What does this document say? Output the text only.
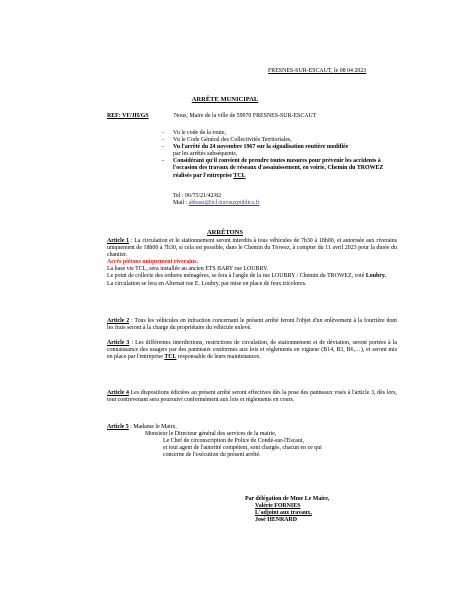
FRESNES-SUR-ESCAUT, le 08 04 2023
ARRÊTE MUNICIPAL
REF: VF/JH/GS	Nous, Maire de la ville de 59970 FRESNES-SUR-ESCAUT
- Vu le code de la route,
- Vu le Code Général des Collectivités Territoriales,
- Vu l'arrêté du 24 novembre 1967 sur la signalisation routière modifiée
par les arrêtés subséquents,
- Considérant qu'il convient de prendre toutes mesures pour prévenir les accidents à l'occasion des travaux de réseaux d'assainissement, en voirie, Chemin du TROWEZ réalisés par l'entreprise TCL
Tel : 06/75/21/42/82
Mail : abbassi@tcl-travauxpublics.fr
ARRÊTONS

Article 1 : La circulation et le stationnement seront interdits à tous véhicules de 7h30 à 18h00, et autorisée aux riverains uniquement de 18h00 à 7h30, si cela est possible, dans le Chemin du Trowez, à compter du 11 avril 2023 pour la durée du chantier.

Accès piétons uniquement riverains.

La base vie TCL, sera installée au ancien ETS BARY rue LOUBRY.

Le point de collecte des ordures ménagères, se fera à l'angle de la rue LOUBRY / Chemin du TROWEZ, coté Loubry.

La circulation se fera en Alternat rue E. Loubry, par mise en place de feux tricolores.

Article 2 : Tous les véhicules en infraction concernant le présent arrêté feront l'objet d'un enlèvement à la fourrière dont les frais seront à la charge du propriétaire du véhicule enlevé.

Article 3 : Les différentes interdictions, restrictions de circulation, de stationnement et de déviation, seront portées à la connaissance des usagers par des panneaux conformes aux lois et règlements en vigueur (B14, B3, B6,…), et seront mis en place par l'entreprise TCL responsable de leurs maintenances.

Article 4 Les dispositions édictées au présent arrêté seront effectives dès la pose des panneaux visés à l'article 3, dès lors, tout contrevenant sera poursuivi conformément aux lois et règlements en cours.

Article 5 : Madame le Maire,
Monsieur le Directeur général des services de la mairie,
Le Chef de circonscription de Police de Condé-sur-l'Escaut,
et tout agent de l'autorité compétent, sont chargés, chacun en ce qui
concerne de l'exécution du présent arrêté.
Par délégation de Mme Le Maire,
Valérie FORNIES
L'adjoint aux travaux,
José HENRARD
